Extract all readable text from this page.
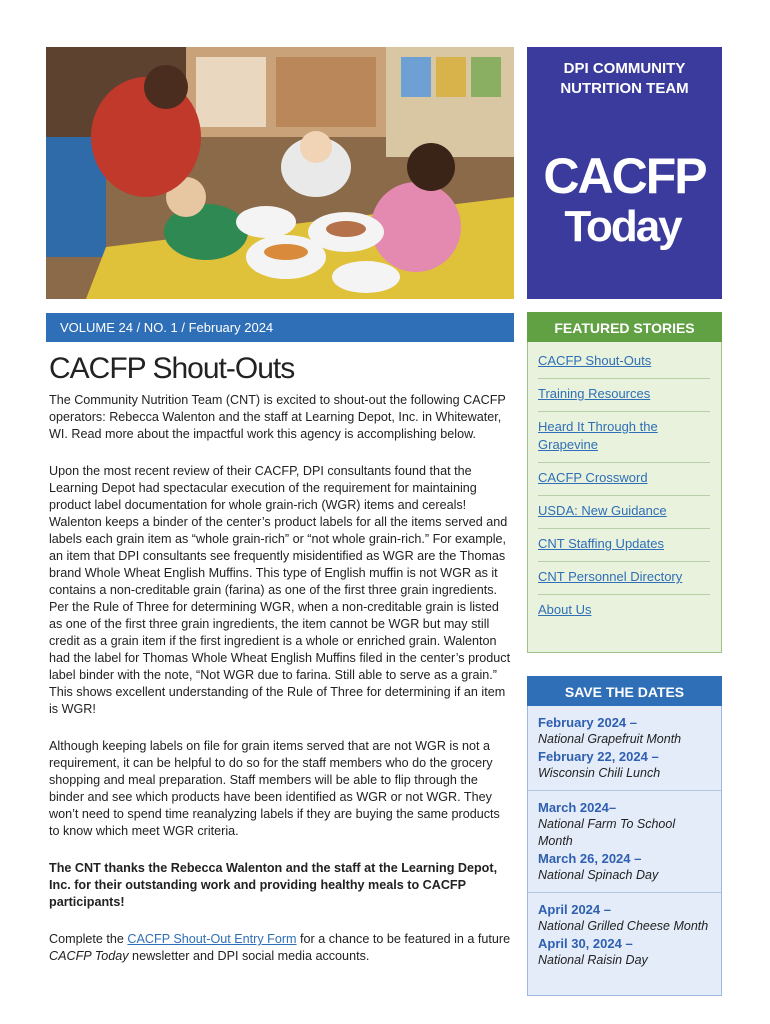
DPI COMMUNITY NUTRITION TEAM
CACFP
Today
VOLUME 24 / NO. 1 / February 2024
CACFP Shout-Outs

The Community Nutrition Team (CNT) is excited to shout-out the following CACFP operators: Rebecca Walenton and the staff at Learning Depot, Inc. in Whitewater, WI. Read more about the impactful work this agency is accomplishing below.

Upon the most recent review of their CACFP, DPI consultants found that the Learning Depot had spectacular execution of the requirement for maintaining product label documentation for whole grain-rich (WGR) items and cereals! Walenton keeps a binder of the center’s product labels for all the items served and labels each grain item as “whole grain-rich” or “not whole grain-rich.” For example, an item that DPI consultants see frequently misidentified as WGR are the Thomas brand Whole Wheat English Muffins. This type of English muffin is not WGR as it contains a non-creditable grain (farina) as one of the first three grain ingredients. Per the Rule of Three for determining WGR, when a non-creditable grain is listed as one of the first three grain ingredients, the item cannot be WGR but may still credit as a grain item if the first ingredient is a whole or enriched grain. Walenton had the label for Thomas Whole Wheat English Muffins filed in the center’s product label binder with the note, “Not WGR due to farina. Still able to serve as a grain.” This shows excellent understanding of the Rule of Three for determining if an item is WGR!

Although keeping labels on file for grain items served that are not WGR is not a requirement, it can be helpful to do so for the staff members who do the grocery shopping and meal preparation. Staff members will be able to flip through the binder and see which products have been identified as WGR or not WGR. They won’t need to spend time reanalyzing labels if they are buying the same products to know which meet WGR criteria.

The CNT thanks the Rebecca Walenton and the staff at the Learning Depot, Inc. for their outstanding work and providing healthy meals to CACFP participants!

Complete the CACFP Shout-Out Entry Form for a chance to be featured in a future CACFP Today newsletter and DPI social media accounts.

FEATURED STORIES
CACFP Shout-Outs
Training Resources
Heard It Through the Grapevine
CACFP Crossword
USDA: New Guidance
CNT Staffing Updates
CNT Personnel Directory
About Us
SAVE THE DATES
February 2024 –
National Grapefruit Month
February 22, 2024 –
Wisconsin Chili Lunch
March 2024–
National Farm To School Month
March 26, 2024 –
National Spinach Day
April 2024 –
National Grilled Cheese Month
April 30, 2024 –
National Raisin Day
